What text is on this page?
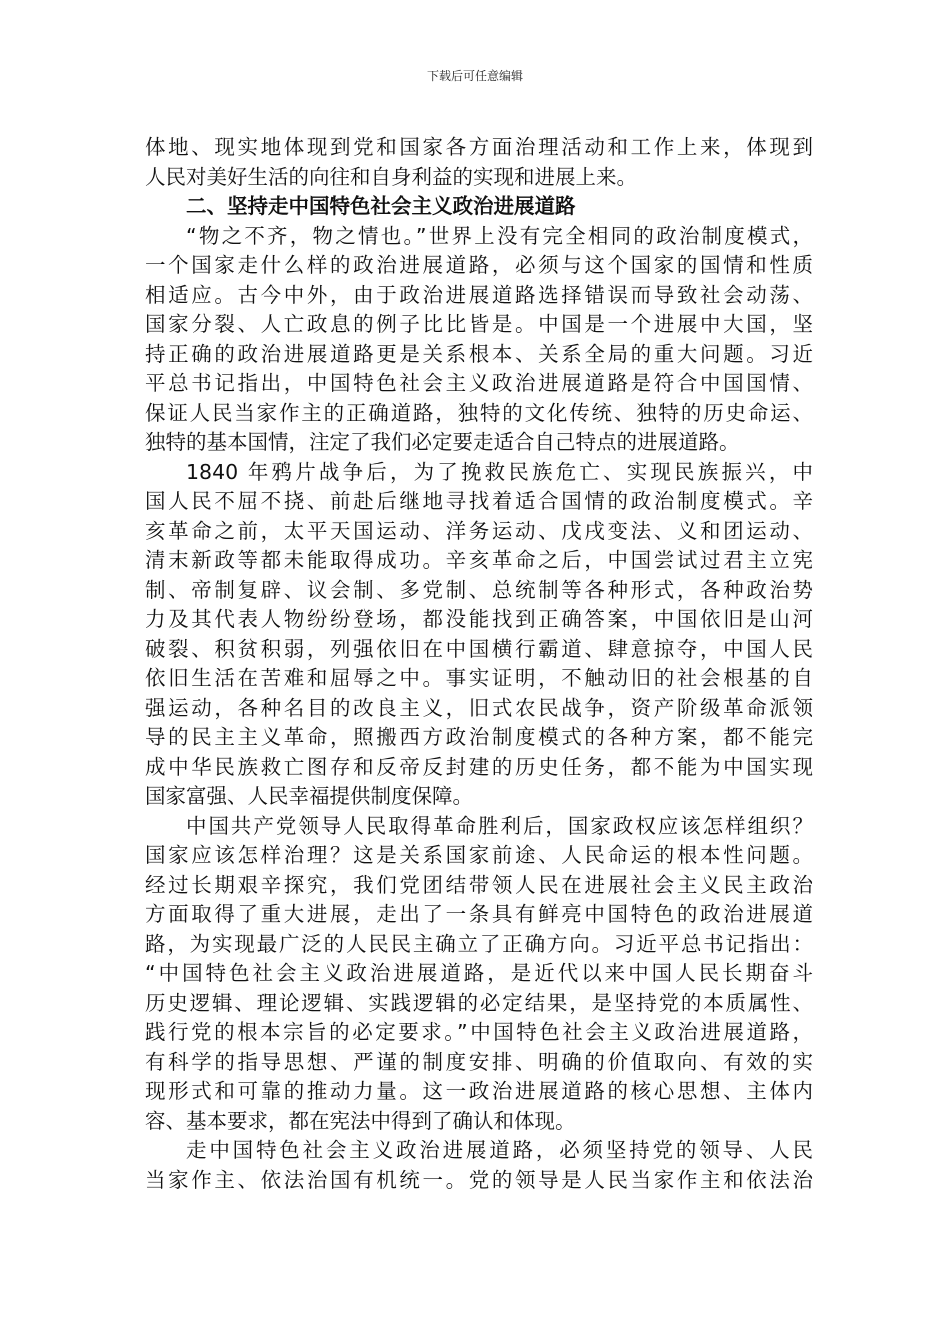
下载后可任意编辑
体地、现实地体现到党和国家各方面治理活动和工作上来，体现到
人民对美好生活的向往和自身利益的实现和进展上来。
二、坚持走中国特色社会主义政治进展道路
“物之不齐，物之情也。”世界上没有完全相同的政治制度模式，
一个国家走什么样的政治进展道路，必须与这个国家的国情和性质
相适应。古今中外，由于政治进展道路选择错误而导致社会动荡、
国家分裂、人亡政息的例子比比皆是。中国是一个进展中大国，坚
持正确的政治进展道路更是关系根本、关系全局的重大问题。习近
平总书记指出，中国特色社会主义政治进展道路是符合中国国情、
保证人民当家作主的正确道路，独特的文化传统、独特的历史命运、
独特的基本国情，注定了我们必定要走适合自己特点的进展道路。
1840 年鸦片战争后，为了挽救民族危亡、实现民族振兴，中
国人民不屈不挠、前赴后继地寻找着适合国情的政治制度模式。辛
亥革命之前，太平天国运动、洋务运动、戊戌变法、义和团运动、
清末新政等都未能取得成功。辛亥革命之后，中国尝试过君主立宪
制、帝制复辟、议会制、多党制、总统制等各种形式，各种政治势
力及其代表人物纷纷登场，都没能找到正确答案，中国依旧是山河
破裂、积贫积弱，列强依旧在中国横行霸道、肆意掠夺，中国人民
依旧生活在苦难和屈辱之中。事实证明，不触动旧的社会根基的自
强运动，各种名目的改良主义，旧式农民战争，资产阶级革命派领
导的民主主义革命，照搬西方政治制度模式的各种方案，都不能完
成中华民族救亡图存和反帝反封建的历史任务，都不能为中国实现
国家富强、人民幸福提供制度保障。
中国共产党领导人民取得革命胜利后，国家政权应该怎样组织？
国家应该怎样治理？这是关系国家前途、人民命运的根本性问题。
经过长期艰辛探究，我们党团结带领人民在进展社会主义民主政治
方面取得了重大进展，走出了一条具有鲜亮中国特色的政治进展道
路，为实现最广泛的人民民主确立了正确方向。习近平总书记指出：
“中国特色社会主义政治进展道路，是近代以来中国人民长期奋斗
历史逻辑、理论逻辑、实践逻辑的必定结果，是坚持党的本质属性、
践行党的根本宗旨的必定要求。”中国特色社会主义政治进展道路，
有科学的指导思想、严谨的制度安排、明确的价值取向、有效的实
现形式和可靠的推动力量。这一政治进展道路的核心思想、主体内
容、基本要求，都在宪法中得到了确认和体现。
走中国特色社会主义政治进展道路，必须坚持党的领导、人民
当家作主、依法治国有机统一。党的领导是人民当家作主和依法治
